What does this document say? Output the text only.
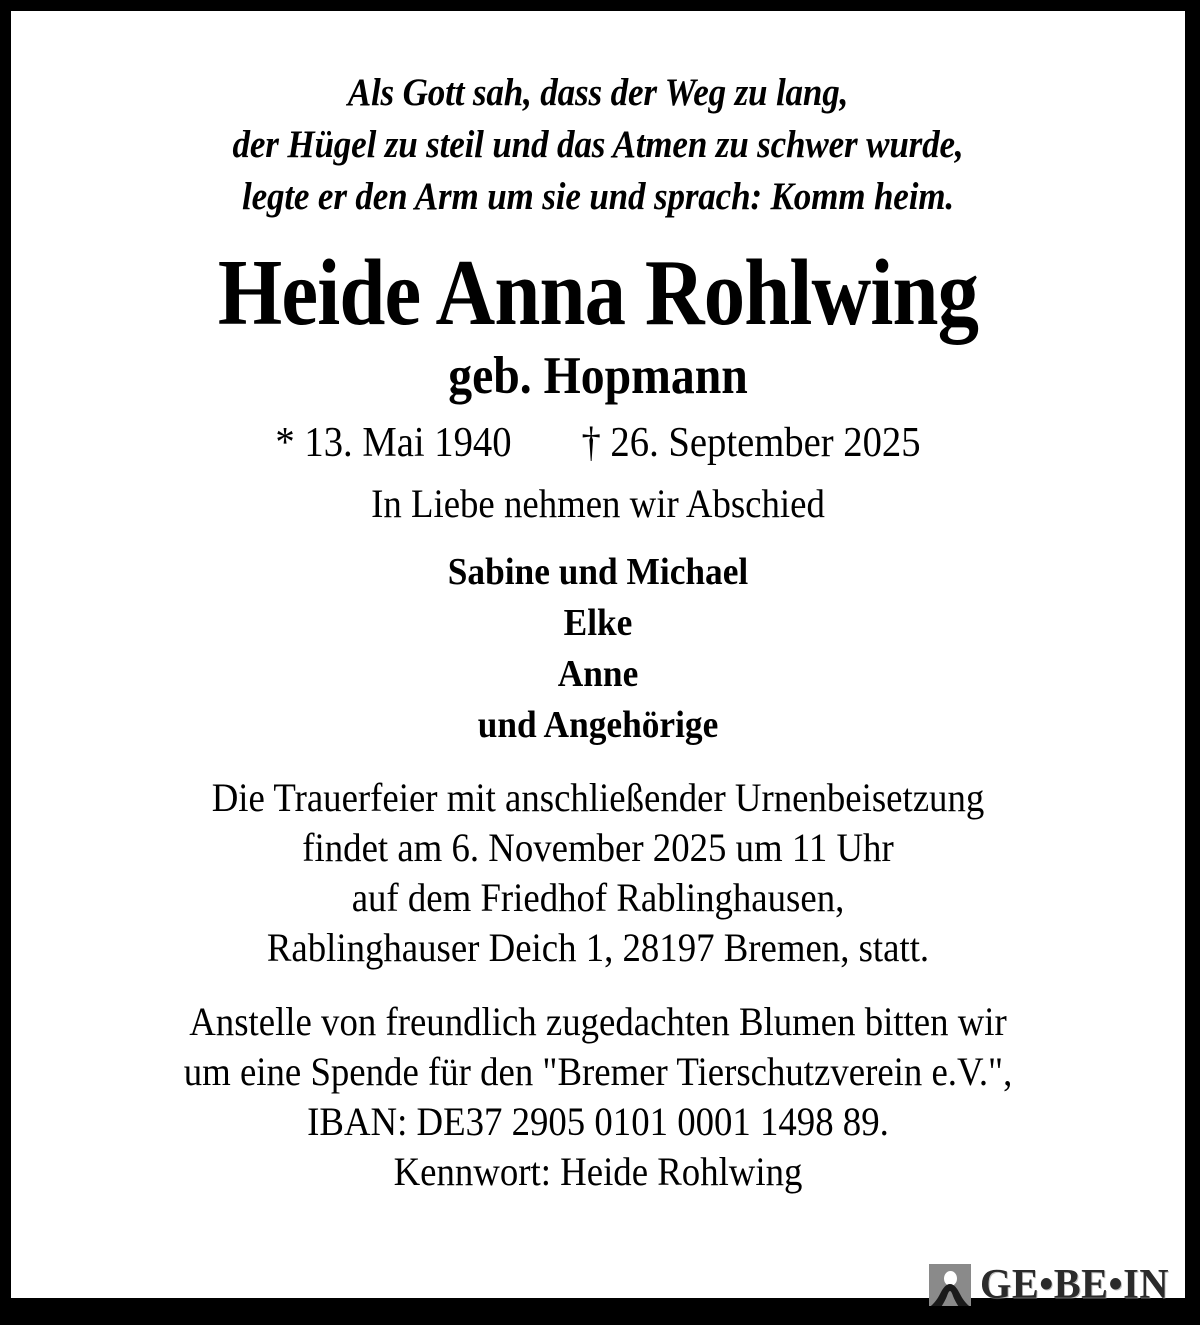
Als Gott sah, dass der Weg zu lang,
der Hügel zu steil und das Atmen zu schwer wurde,
legte er den Arm um sie und sprach: Komm heim.
Heide Anna Rohlwing
geb. Hopmann
* 13. Mai 1940 † 26. September 2025
In Liebe nehmen wir Abschied
Sabine und Michael
Elke
Anne
und Angehörige
Die Trauerfeier mit anschließender Urnenbeisetzung
findet am 6. November 2025 um 11 Uhr
auf dem Friedhof Rablinghausen,
Rablinghauser Deich 1, 28197 Bremen, statt.
Anstelle von freundlich zugedachten Blumen bitten wir
um eine Spende für den "Bremer Tierschutzverein e.V.",
IBAN: DE37 2905 0101 0001 1498 89.
Kennwort: Heide Rohlwing
GE•BE•IN
